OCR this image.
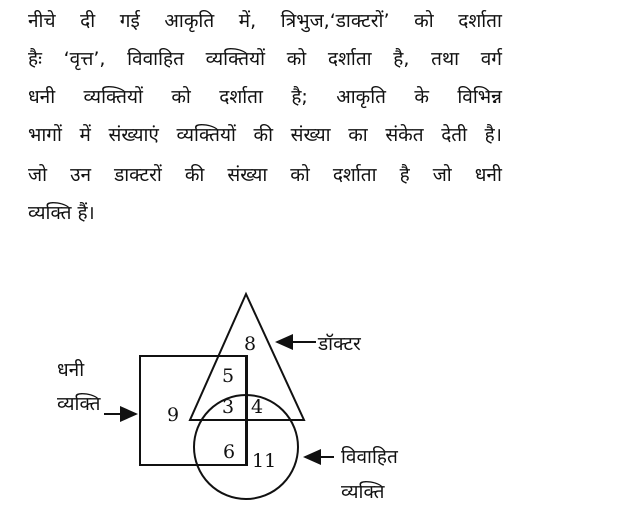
नीचे दी गई आकृति में, त्रिभुज,‘डाक्टरों’ को दर्शाता
हैः ‘वृत्त’, विवाहित व्यक्तियों को दर्शाता है, तथा वर्ग
धनी व्यक्तियों को दर्शाता है; आकृति के विभिन्न
भागों में संख्याएं व्यक्तियों की संख्या का संकेत देती है।
जो उन डाक्टरों की संख्या को दर्शाता है जो धनी
व्यक्ति हैं।
8
5
3 4
9
6 11
डॉक्टर
धनी
व्यक्ति
विवाहित
व्यक्ति
